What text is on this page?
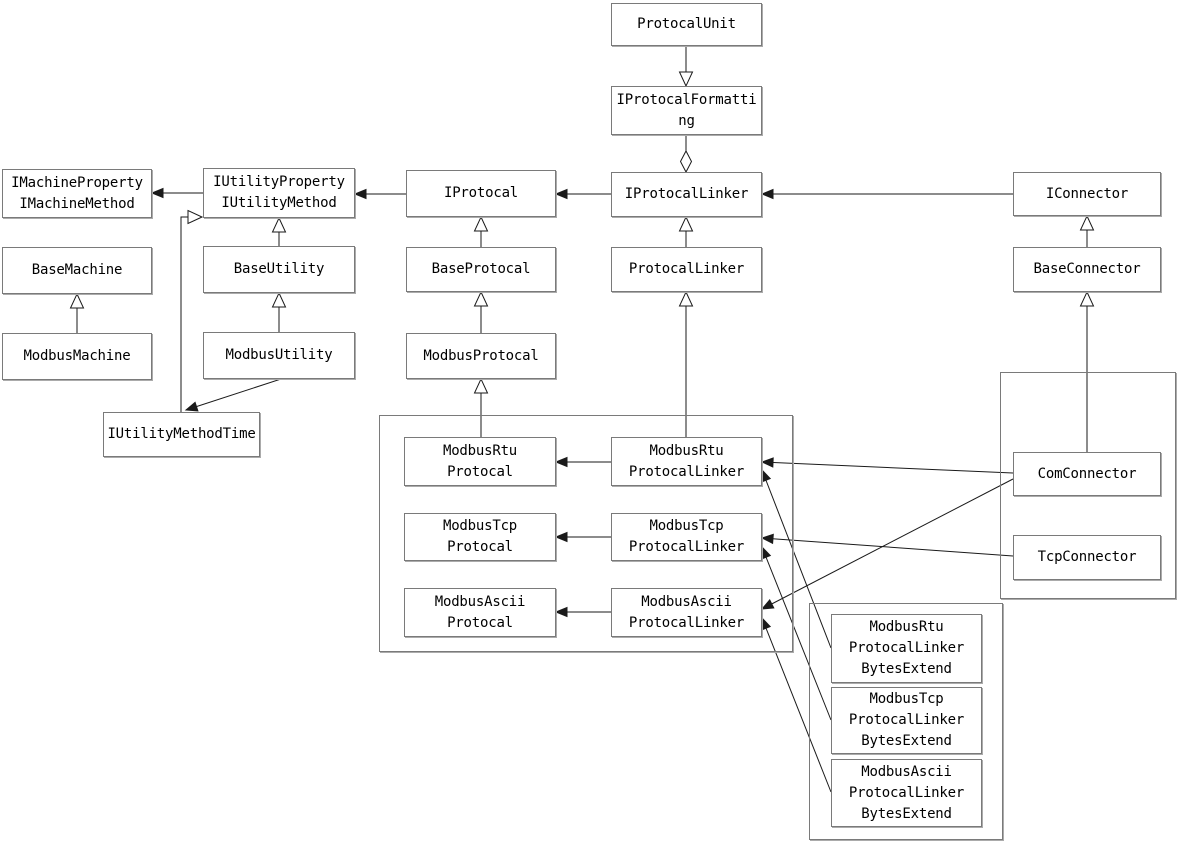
ProtocalUnit
IProtocalFormatti
ng
IProtocalLinker
ProtocalLinker
IProtocal
BaseProtocal
ModbusProtocal
IMachineProperty
IMachineMethod
BaseMachine
ModbusMachine
IUtilityProperty
IUtilityMethod
BaseUtility
ModbusUtility
IUtilityMethodTime
IConnector
BaseConnector
ModbusRtu
Protocal
ModbusRtu
ProtocalLinker
ModbusTcp
Protocal
ModbusTcp
ProtocalLinker
ModbusAscii
Protocal
ModbusAscii
ProtocalLinker
ComConnector
TcpConnector
ModbusRtu
ProtocalLinker
BytesExtend
ModbusTcp
ProtocalLinker
BytesExtend
ModbusAscii
ProtocalLinker
BytesExtend
